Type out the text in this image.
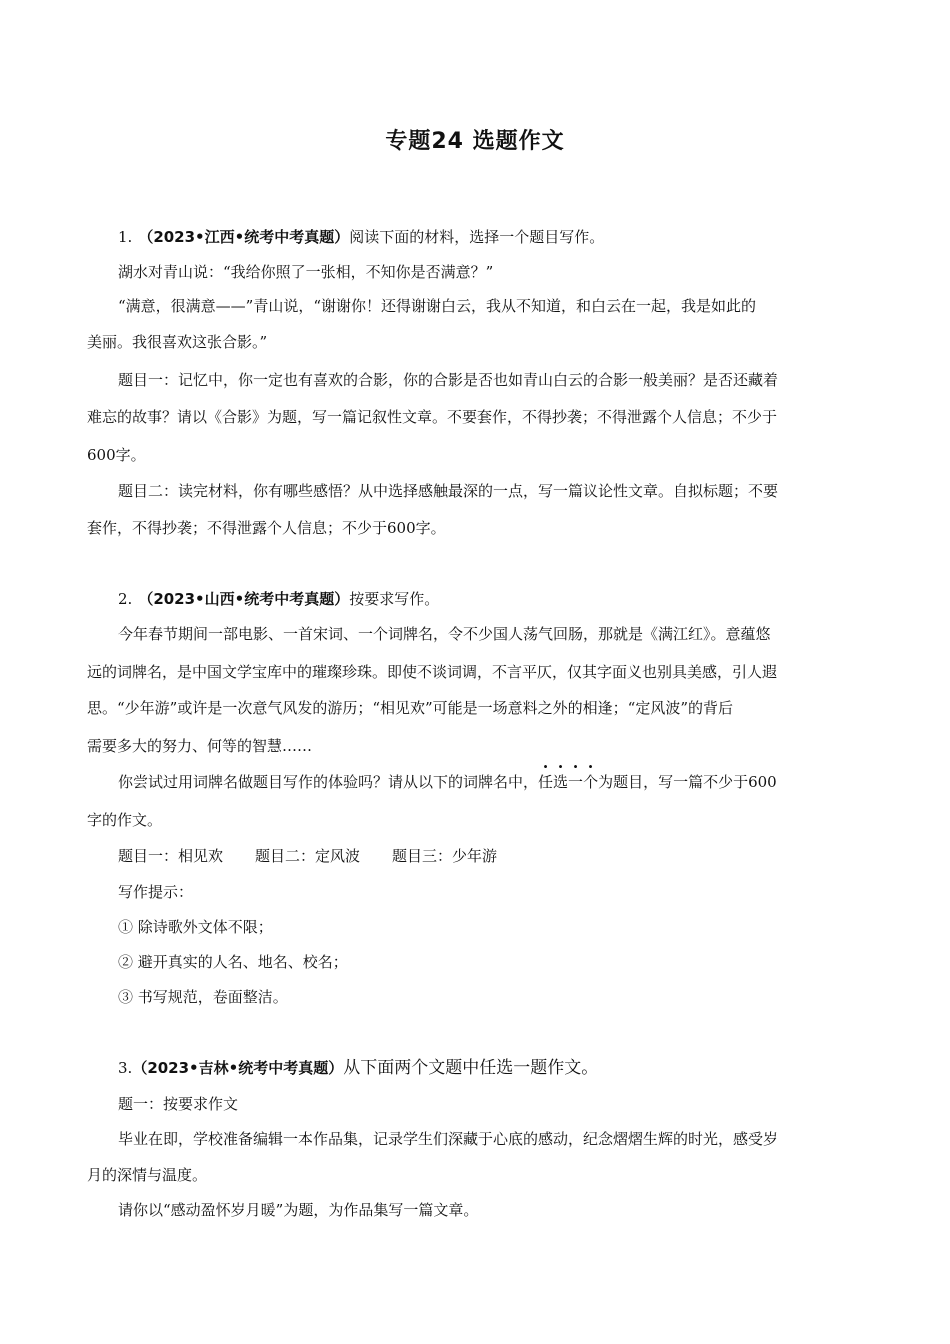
专题24 选题作文
1. （2023•江西•统考中考真题）阅读下面的材料，选择一个题目写作。
湖水对青山说：“我给你照了一张相，不知你是否满意？”
“满意，很满意——”青山说，“谢谢你！还得谢谢白云，我从不知道，和白云在一起，我是如此的
美丽。我很喜欢这张合影。”
题目一：记忆中，你一定也有喜欢的合影，你的合影是否也如青山白云的合影一般美丽？是否还藏着
难忘的故事？请以《合影》为题，写一篇记叙性文章。不要套作，不得抄袭；不得泄露个人信息；不少于
600字。
题目二：读完材料，你有哪些感悟？从中选择感触最深的一点，写一篇议论性文章。自拟标题；不要
套作，不得抄袭；不得泄露个人信息；不少于600字。
2. （2023•山西•统考中考真题）按要求写作。
今年春节期间一部电影、一首宋词、一个词牌名，令不少国人荡气回肠，那就是《满江红》。意蕴悠
远的词牌名，是中国文学宝库中的璀璨珍珠。即使不谈词调，不言平仄，仅其字面义也别具美感，引人遐
思。“少年游”或许是一次意气风发的游历；“相见欢”可能是一场意料之外的相逢；“定风波”的背后
需要多大的努力、何等的智慧……
你尝试过用词牌名做题目写作的体验吗？请从以下的词牌名中，任选一个为题目，写一篇不少于600
字的作文。
题目一：相见欢 题目二：定风波 题目三：少年游
写作提示：
① 除诗歌外文体不限；
② 避开真实的人名、地名、校名；
③ 书写规范，卷面整洁。
3.（2023•吉林•统考中考真题）从下面两个文题中任选一题作文。
题一：按要求作文
毕业在即，学校准备编辑一本作品集，记录学生们深藏于心底的感动，纪念熠熠生辉的时光，感受岁
月的深情与温度。
请你以“感动盈怀岁月暖”为题，为作品集写一篇文章。
